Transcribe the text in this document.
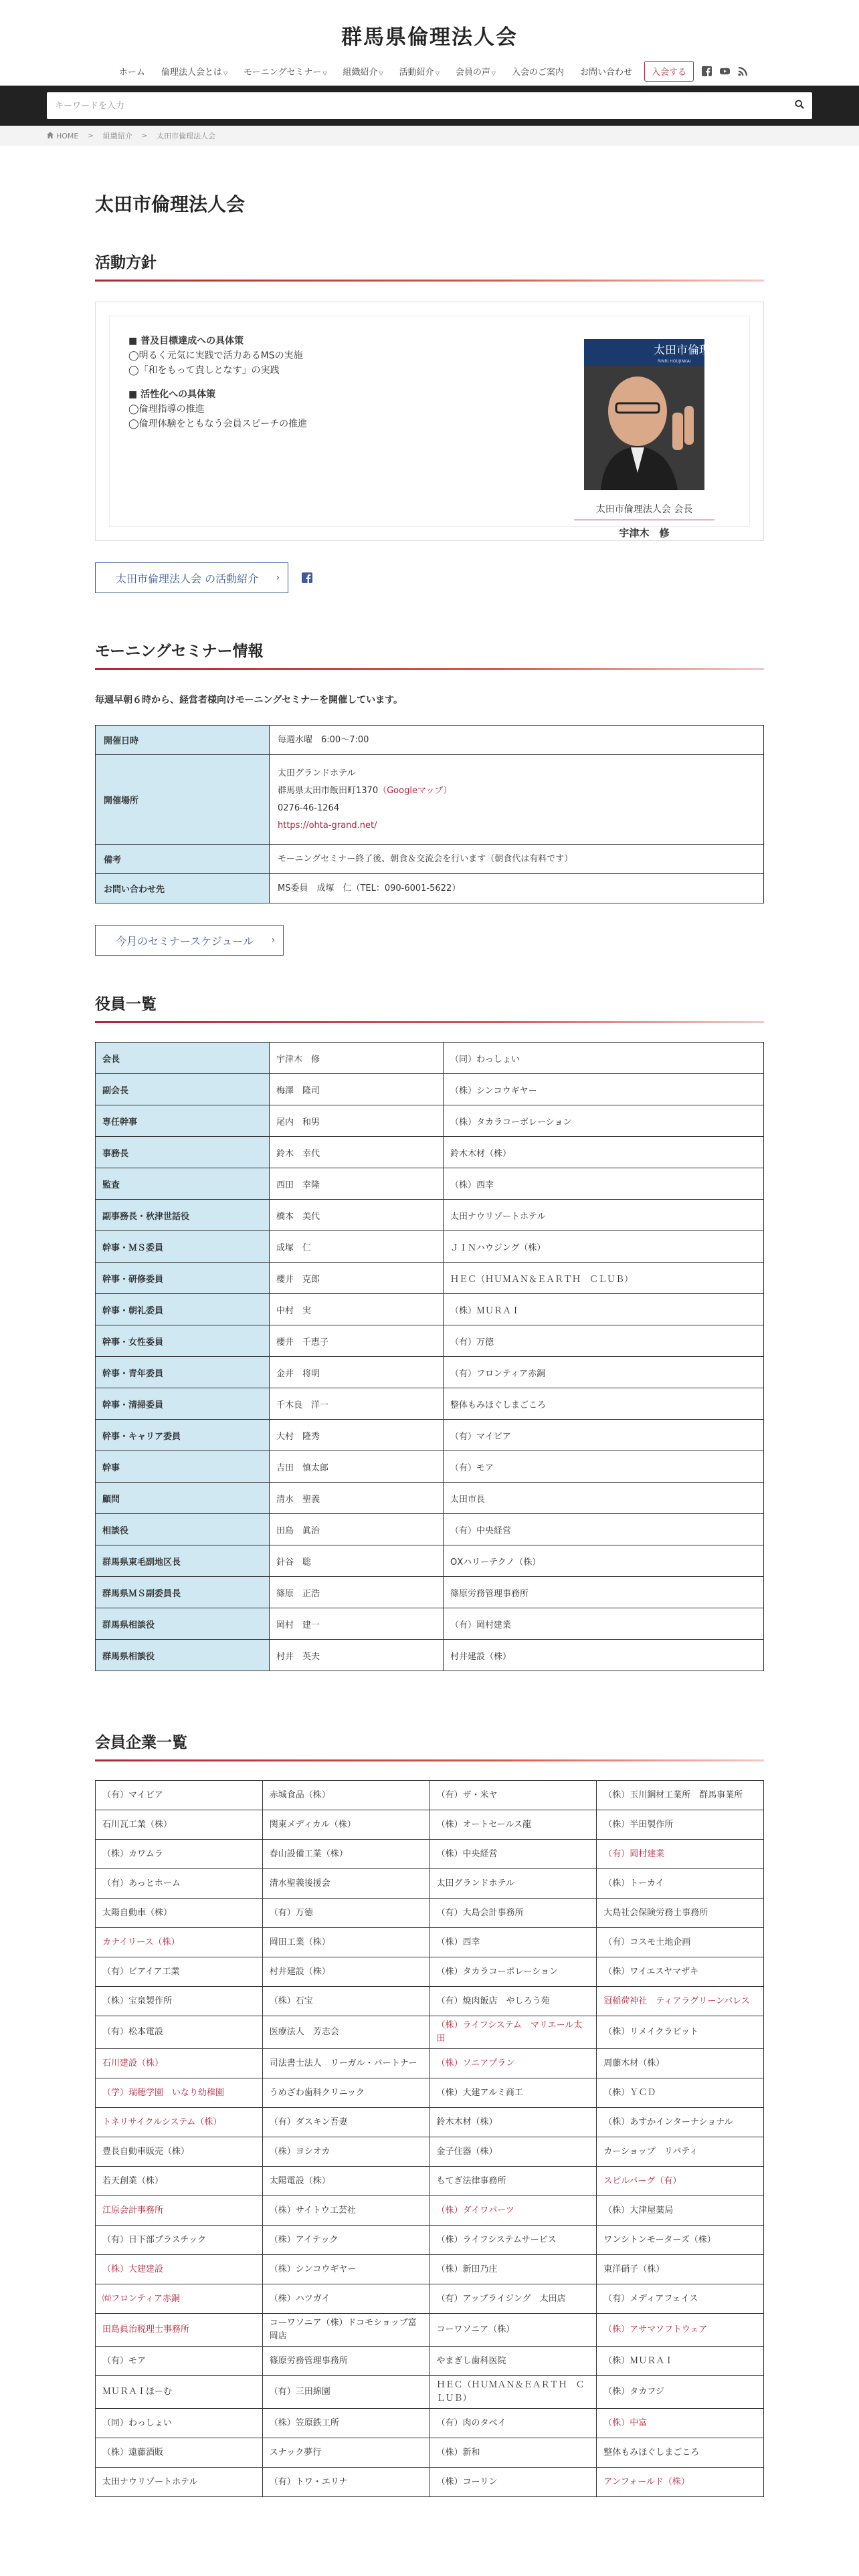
群馬県倫理法人会
ホーム 倫理法人会とは ▽ モーニングセミナー ▽ 組織紹介 ▽ 活動紹介 ▽ 会員の声 ▽ 入会のご案内 お問い合わせ	入会する
キーワードを入力
HOME > 組織紹介 > 太田市倫理法人会
太田市倫理法人会
活動方針
■ 普及目標達成への具体策
◯明るく元気に実践で活力あるMSの実施
◯「和をもって貴しとなす」の実践
■ 活性化への具体策
◯倫理指導の推進
◯倫理体験をともなう会員スピーチの推進
太田市倫理
RINRI HOUJINKAI
太田市倫理法人会 会長
宇津木　修
太田市倫理法人会 の活動紹介 ›
モーニングセミナー情報

毎週早朝６時から、経営者様向けモーニングセミナーを開催しています。

開催日時	毎週水曜　6:00〜7:00
開催場所	太田グランドホテル
群馬県太田市飯田町1370（Googleマップ）
0276-46-1264
https://ohta-grand.net/

備考	モーニングセミナー終了後、朝食＆交流会を行います（朝食代は有料です）
お問い合わせ先	MS委員　成塚　仁（TEL：090-6001-5622）
今月のセミナースケジュール ›
役員一覧
会長	宇津木　修	（同）わっしょい
副会長	梅澤　隆司	（株）シンコウギヤー
専任幹事	尾内　和男	（株）タカラコーポレーション
事務長	鈴木　幸代	鈴木木材（株）
監査	西田　幸隆	（株）西幸
副事務長・秋津世話役	橋本　美代	太田ナウリゾートホテル
幹事・ＭＳ委員	成塚　仁	ＪＩＮハウジング（株）
幹事・研修委員	櫻井　克郎	ＨＥＣ（ＨＵＭＡＮ＆ＥＡＲＴＨ　ＣＬＵＢ）
幹事・朝礼委員	中村　実	（株）ＭＵＲＡＩ
幹事・女性委員	櫻井　千恵子	（有）万徳
幹事・青年委員	金井　将明	（有）フロンティア赤銅
幹事・清掃委員	千木良　洋一	整体もみほぐしまごころ
幹事・キャリア委員	大村　隆秀	（有）マイビア
幹事	吉田　慎太郎	（有）モア
顧問	清水　聖義	太田市長
相談役	田島　眞治	（有）中央経営
群馬県東毛副地区長	針谷　聡	OⅩハリーテクノ（株）
群馬県ＭＳ副委員長	篠原　正浩	篠原労務管理事務所
群馬県相談役	岡村　建一	（有）岡村建業
群馬県相談役	村井　英夫	村井建設（株）
会員企業一覧
（有）マイビア	赤城食品（株）	（有）ザ・米ヤ	（株）玉川鋼材工業所　群馬事業所
石川瓦工業（株）	関東メディカル（株）	（株）オートセールス龍	（株）半田製作所
（株）カワムラ	春山設備工業（株）	（株）中央経営	（有）岡村建業
（有）あっとホーム	清水聖義後援会	太田グランドホテル	（株）トーカイ
太陽自動車（株）	（有）万徳	（有）大島会計事務所	大島社会保険労務士事務所
カナイリース（株）	岡田工業（株）	（株）西幸	（有）コスモ土地企画
（有）ビアイア工業	村井建設（株）	（株）タカラコーポレーション	（株）ワイエスヤマザキ
（株）宝泉製作所	（株）石宝	（有）焼肉飯店　やしろう苑	冠稲荷神社　ティアラグリーンパレス
（有）松本電設	医療法人　芳志会	（株）ライフシステム　マリエール太田	（株）リメイクラビット
石川建設（株）	司法書士法人　リーガル・パートナー	（株）ソニアプラン	周藤木材（株）
（学）瑞穂学園　いなり幼稚園	うめざわ歯科クリニック	（株）大建アルミ商工	（株）ＹＣＤ
トネリサイクルシステム（株）	（有）ダスキン吾妻	鈴木木材（株）	（株）あすかインターナショナル
豊長自動車販売（株）	（株）ヨシオカ	金子住器（株）	カーショップ　リバティ
若天創業（株）	太陽電設（株）	もてぎ法律事務所	スピルバーグ（有）
江原会計事務所	（株）サイトウ工芸社	（株）ダイワパーツ	（株）大津屋薬局
（有）日下部プラスチック	（株）アイテック	（株）ライフシステムサービス	ワンシトンモーターズ（株）
（株）大建建設	（株）シンコウギヤー	（株）新田乃庄	東洋硝子（株）
㈲フロンティア赤銅	（株）ハツガイ	（有）アップライジング　太田店	（有）メディアフェイス
田島眞治税理士事務所	コーワソニア（株）ドコモショップ富岡店	コーワソニア（株）	（株）アサマソフトウェア
（有）モア	篠原労務管理事務所	やまぎし歯科医院	（株）ＭＵＲＡＩ
ＭＵＲＡＩほーむ	（有）三田綿園	ＨＥＣ（ＨＵＭＡＮ＆ＥＡＲＴＨ　ＣＬＵＢ）	（株）タカフジ
（同）わっしょい	（株）笠原鉄工所	（有）肉のタベイ	（株）中富
（株）遠藤酒販	スナック夢行	（株）新和	整体もみほぐしまごころ
太田ナウリゾートホテル	（有）トワ・エリナ	（株）コーリン	アンフォールド（株）
